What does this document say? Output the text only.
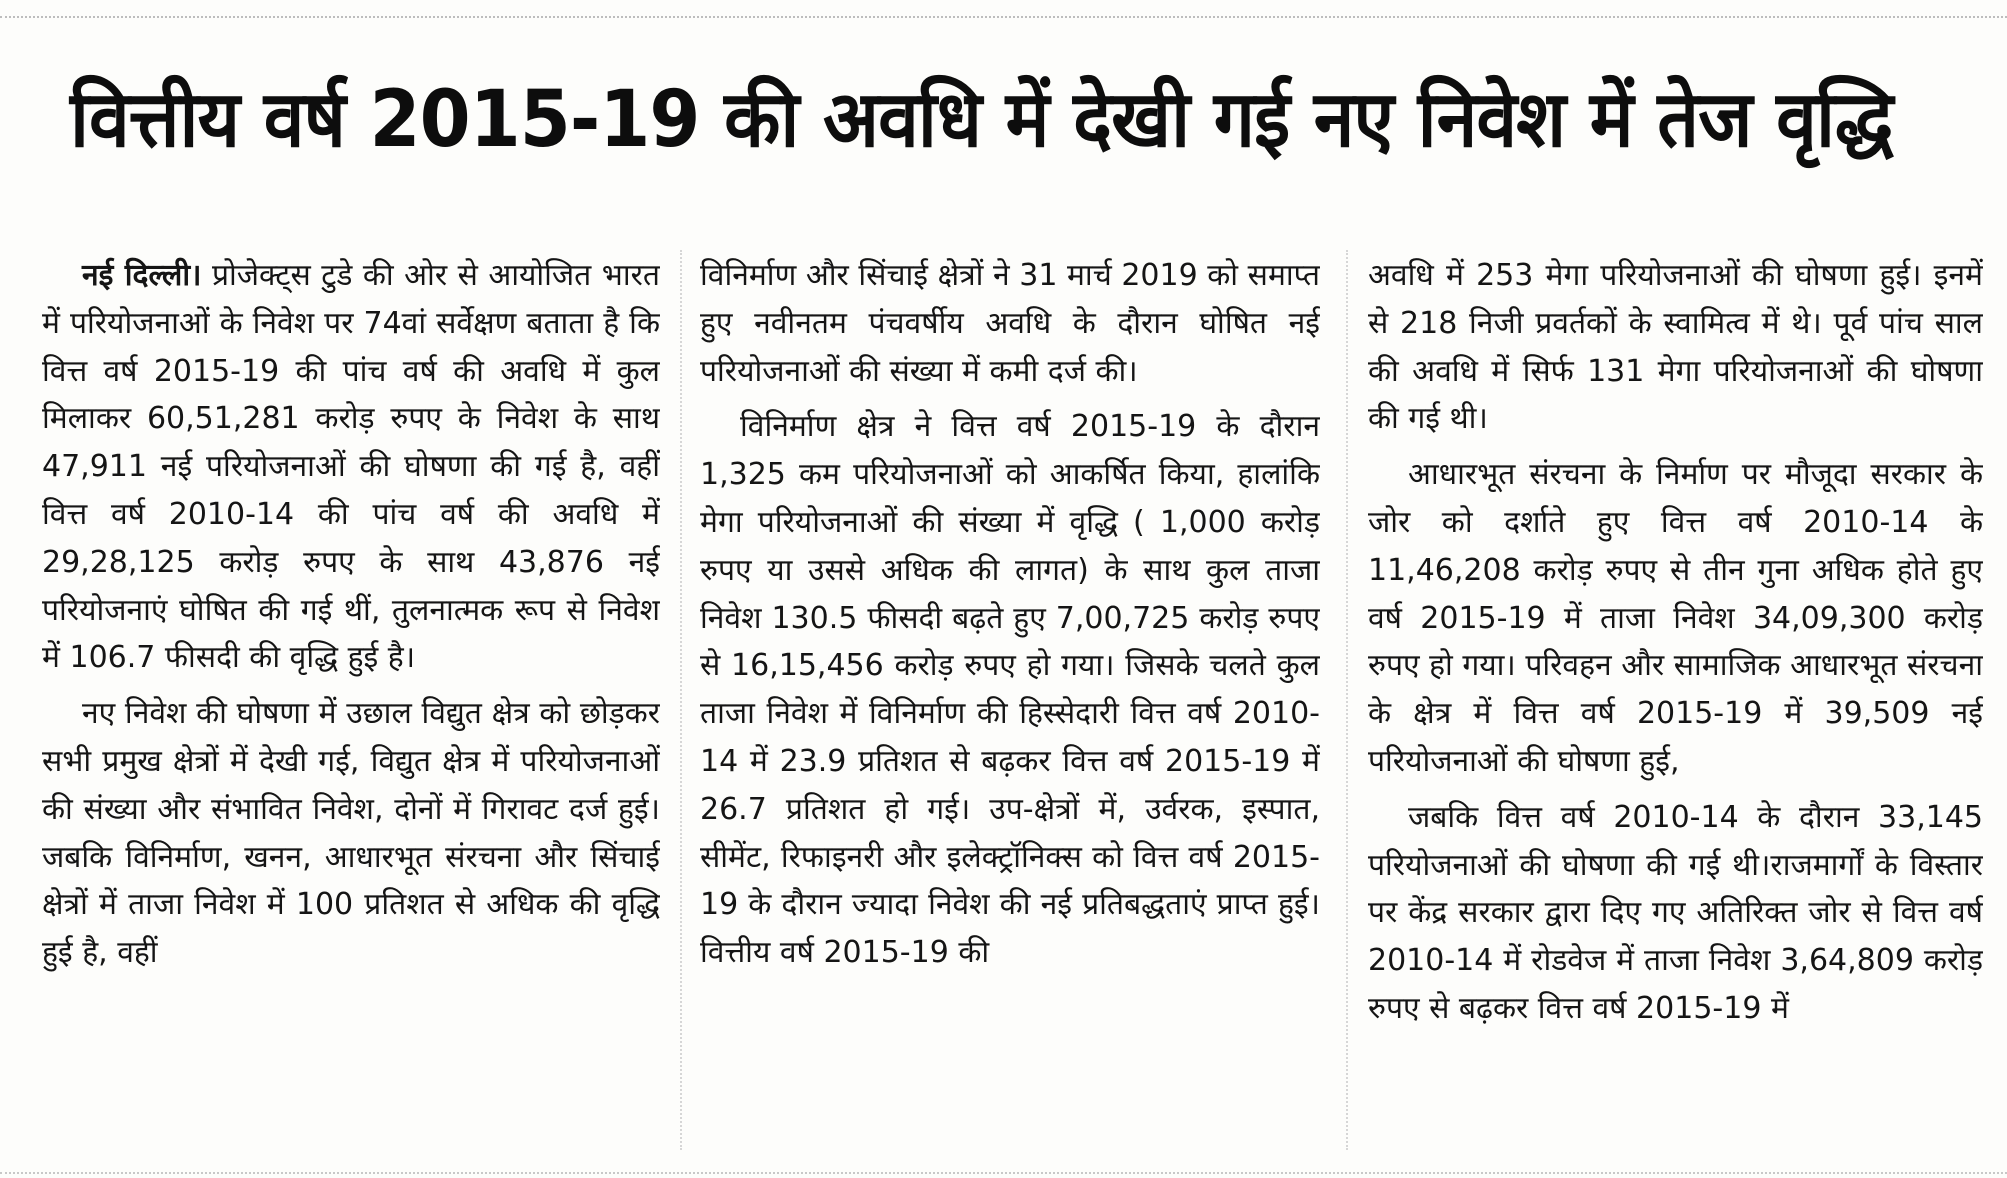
वित्तीय वर्ष 2015-19 की अवधि में देखी गई नए निवेश में तेज वृद्धि

नई दिल्ली। प्रोजेक्ट्स टुडे की ओर से आयोजित भारत में परियोजनाओं के निवेश पर 74वां सर्वेक्षण बताता है कि वित्त वर्ष 2015-19 की पांच वर्ष की अवधि में कुल मिलाकर 60,51,281 करोड़ रुपए के निवेश के साथ 47,911 नई परियोजनाओं की घोषणा की गई है, वहीं वित्त वर्ष 2010-14 की पांच वर्ष की अवधि में 29,28,125 करोड़ रुपए के साथ 43,876 नई परियोजनाएं घोषित की गई थीं, तुलनात्मक रूप से निवेश में 106.7 फीसदी की वृद्धि हुई है।

नए निवेश की घोषणा में उछाल विद्युत क्षेत्र को छोड़कर सभी प्रमुख क्षेत्रों में देखी गई, विद्युत क्षेत्र में परियोजनाओं की संख्या और संभावित निवेश, दोनों में गिरावट दर्ज हुई। जबकि विनिर्माण, खनन, आधारभूत संरचना और सिंचाई क्षेत्रों में ताजा निवेश में 100 प्रतिशत से अधिक की वृद्धि हुई है, वहीं

विनिर्माण और सिंचाई क्षेत्रों ने 31 मार्च 2019 को समाप्त हुए नवीनतम पंचवर्षीय अवधि के दौरान घोषित नई परियोजनाओं की संख्या में कमी दर्ज की।

विनिर्माण क्षेत्र ने वित्त वर्ष 2015-19 के दौरान 1,325 कम परियोजनाओं को आकर्षित किया, हालांकि मेगा परियोजनाओं की संख्या में वृद्धि ( 1,000 करोड़ रुपए या उससे अधिक की लागत) के साथ कुल ताजा निवेश 130.5 फीसदी बढ़ते हुए 7,00,725 करोड़ रुपए से 16,15,456 करोड़ रुपए हो गया। जिसके चलते कुल ताजा निवेश में विनिर्माण की हिस्सेदारी वित्त वर्ष 2010-14 में 23.9 प्रतिशत से बढ़कर वित्त वर्ष 2015-19 में 26.7 प्रतिशत हो गई। उप-क्षेत्रों में, उर्वरक, इस्पात, सीमेंट, रिफाइनरी और इलेक्ट्रॉनिक्स को वित्त वर्ष 2015-19 के दौरान ज्यादा निवेश की नई प्रतिबद्धताएं प्राप्त हुई।वित्तीय वर्ष 2015-19 की

अवधि में 253 मेगा परियोजनाओं की घोषणा हुई। इनमें से 218 निजी प्रवर्तकों के स्वामित्व में थे। पूर्व पांच साल की अवधि में सिर्फ 131 मेगा परियोजनाओं की घोषणा की गई थी।

आधारभूत संरचना के निर्माण पर मौजूदा सरकार के जोर को दर्शाते हुए वित्त वर्ष 2010-14 के 11,46,208 करोड़ रुपए से तीन गुना अधिक होते हुए वर्ष 2015-19 में ताजा निवेश 34,09,300 करोड़ रुपए हो गया। परिवहन और सामाजिक आधारभूत संरचना के क्षेत्र में वित्त वर्ष 2015-19 में 39,509 नई परियोजनाओं की घोषणा हुई,

जबकि वित्त वर्ष 2010-14 के दौरान 33,145 परियोजनाओं की घोषणा की गई थी।राजमार्गों के विस्तार पर केंद्र सरकार द्वारा दिए गए अतिरिक्त जोर से वित्त वर्ष 2010-14 में रोडवेज में ताजा निवेश 3,64,809 करोड़ रुपए से बढ़कर वित्त वर्ष 2015-19 में
